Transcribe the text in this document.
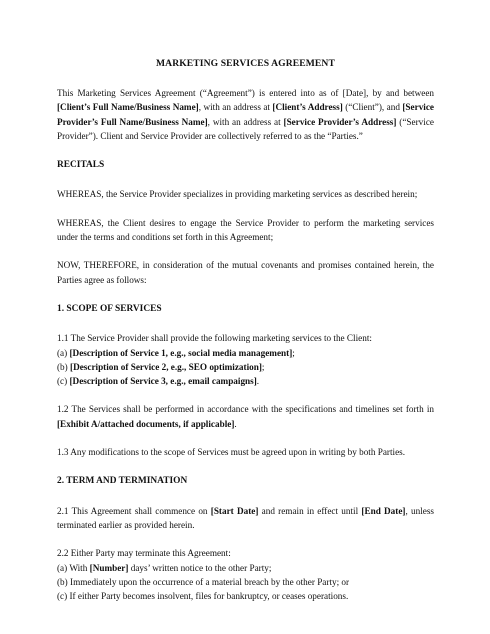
MARKETING SERVICES AGREEMENT

This Marketing Services Agreement (“Agreement”) is entered into as of [Date], by and between [Client’s Full Name/Business Name], with an address at [Client’s Address] (“Client”), and [Service Provider’s Full Name/Business Name], with an address at [Service Provider’s Address] (“Service Provider”). Client and Service Provider are collectively referred to as the “Parties.”

RECITALS

WHEREAS, the Service Provider specializes in providing marketing services as described herein;

WHEREAS, the Client desires to engage the Service Provider to perform the marketing services under the terms and conditions set forth in this Agreement;

NOW, THEREFORE, in consideration of the mutual covenants and promises contained herein, the Parties agree as follows:

1. SCOPE OF SERVICES

1.1 The Service Provider shall provide the following marketing services to the Client:

(a) [Description of Service 1, e.g., social media management];
(b) [Description of Service 2, e.g., SEO optimization];
(c) [Description of Service 3, e.g., email campaigns].

1.2 The Services shall be performed in accordance with the specifications and timelines set forth in [Exhibit A/attached documents, if applicable].

1.3 Any modifications to the scope of Services must be agreed upon in writing by both Parties.

2. TERM AND TERMINATION

2.1 This Agreement shall commence on [Start Date] and remain in effect until [End Date], unless terminated earlier as provided herein.

2.2 Either Party may terminate this Agreement:

(a) With [Number] days’ written notice to the other Party;
(b) Immediately upon the occurrence of a material breach by the other Party; or
(c) If either Party becomes insolvent, files for bankruptcy, or ceases operations.
